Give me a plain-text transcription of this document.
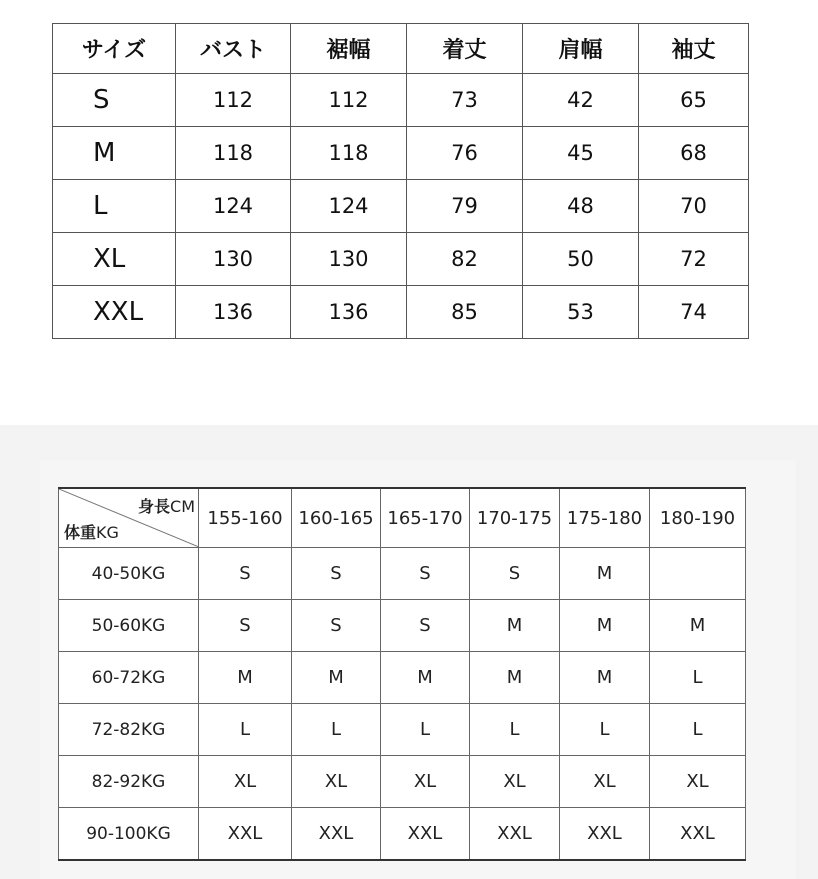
サイズ	バスト	裾幅	着丈	肩幅	袖丈
S	112	112	73	42	65
M	118	118	76	45	68
L	124	124	79	48	70
XL	130	130	82	50	72
XXL	136	136	85	53	74
身長CM
体重KG	155-160	160-165	165-170	170-175	175-180	180-190
40-50KG	S	S	S	S	M	
50-60KG	S	S	S	M	M	M
60-72KG	M	M	M	M	M	L
72-82KG	L	L	L	L	L	L
82-92KG	XL	XL	XL	XL	XL	XL
90-100KG	XXL	XXL	XXL	XXL	XXL	XXL
